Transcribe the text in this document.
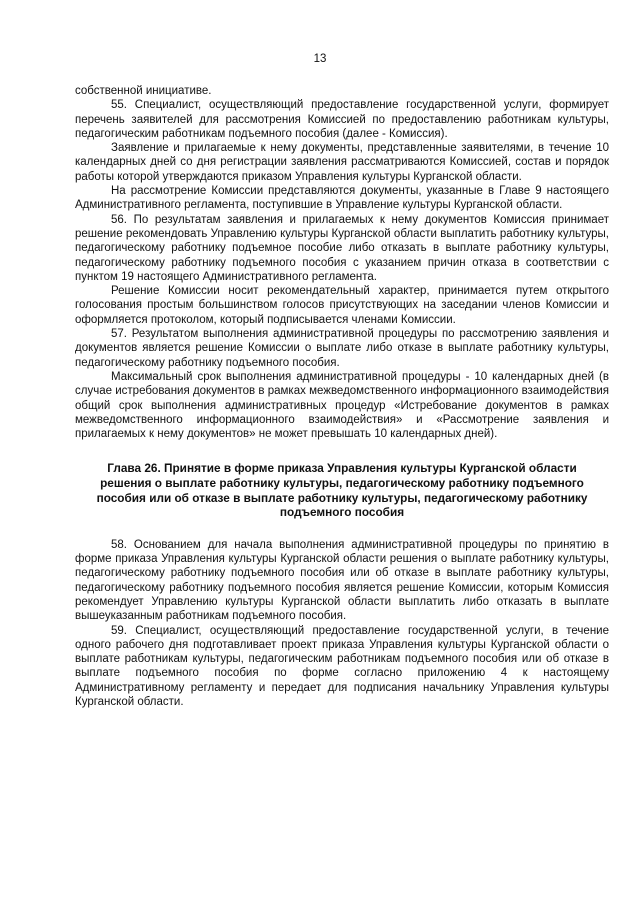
13

собственной инициативе.

55. Специалист, осуществляющий предоставление государственной услуги, формирует перечень заявителей для рассмотрения Комиссией по предоставлению работникам культуры, педагогическим работникам подъемного пособия (далее - Комиссия).

Заявление и прилагаемые к нему документы, представленные заявителями, в течение 10 календарных дней со дня регистрации заявления рассматриваются Комиссией, состав и порядок работы которой утверждаются приказом Управления культуры Курганской области.

На рассмотрение Комиссии представляются документы, указанные в Главе 9 настоящего Административного регламента, поступившие в Управление культуры Курганской области.

56. По результатам заявления и прилагаемых к нему документов Комиссия принимает решение рекомендовать Управлению культуры Курганской области выплатить работнику культуры, педагогическому работнику подъемное пособие либо отказать в выплате работнику культуры, педагогическому работнику подъемного пособия с указанием причин отказа в соответствии с пунктом 19 настоящего Административного регламента.

Решение Комиссии носит рекомендательный характер, принимается путем открытого голосования простым большинством голосов присутствующих на заседании членов Комиссии и оформляется протоколом, который подписывается членами Комиссии.

57. Результатом выполнения административной процедуры по рассмотрению заявления и документов является решение Комиссии о выплате либо отказе в выплате работнику культуры, педагогическому работнику подъемного пособия.

Максимальный срок выполнения административной процедуры - 10 календарных дней (в случае истребования документов в рамках межведомственного информационного взаимодействия общий срок выполнения административных процедур «Истребование документов в рамках межведомственного информационного взаимодействия» и «Рассмотрение заявления и прилагаемых к нему документов» не может превышать 10 календарных дней).

Глава 26. Принятие в форме приказа Управления культуры Курганской области решения о выплате работнику культуры, педагогическому работнику подъемного пособия или об отказе в выплате работнику культуры, педагогическому работнику подъемного пособия

58. Основанием для начала выполнения административной процедуры по принятию в форме приказа Управления культуры Курганской области решения о выплате работнику культуры, педагогическому работнику подъемного пособия или об отказе в выплате работнику культуры, педагогическому работнику подъемного пособия является решение Комиссии, которым Комиссия рекомендует Управлению культуры Курганской области выплатить либо отказать в выплате вышеуказанным работникам подъемного пособия.

59. Специалист, осуществляющий предоставление государственной услуги, в течение одного рабочего дня подготавливает проект приказа Управления культуры Курганской области о выплате работникам культуры, педагогическим работникам подъемного пособия или об отказе в выплате подъемного пособия по форме согласно приложению 4 к настоящему Административному регламенту и передает для подписания начальнику Управления культуры Курганской области.
